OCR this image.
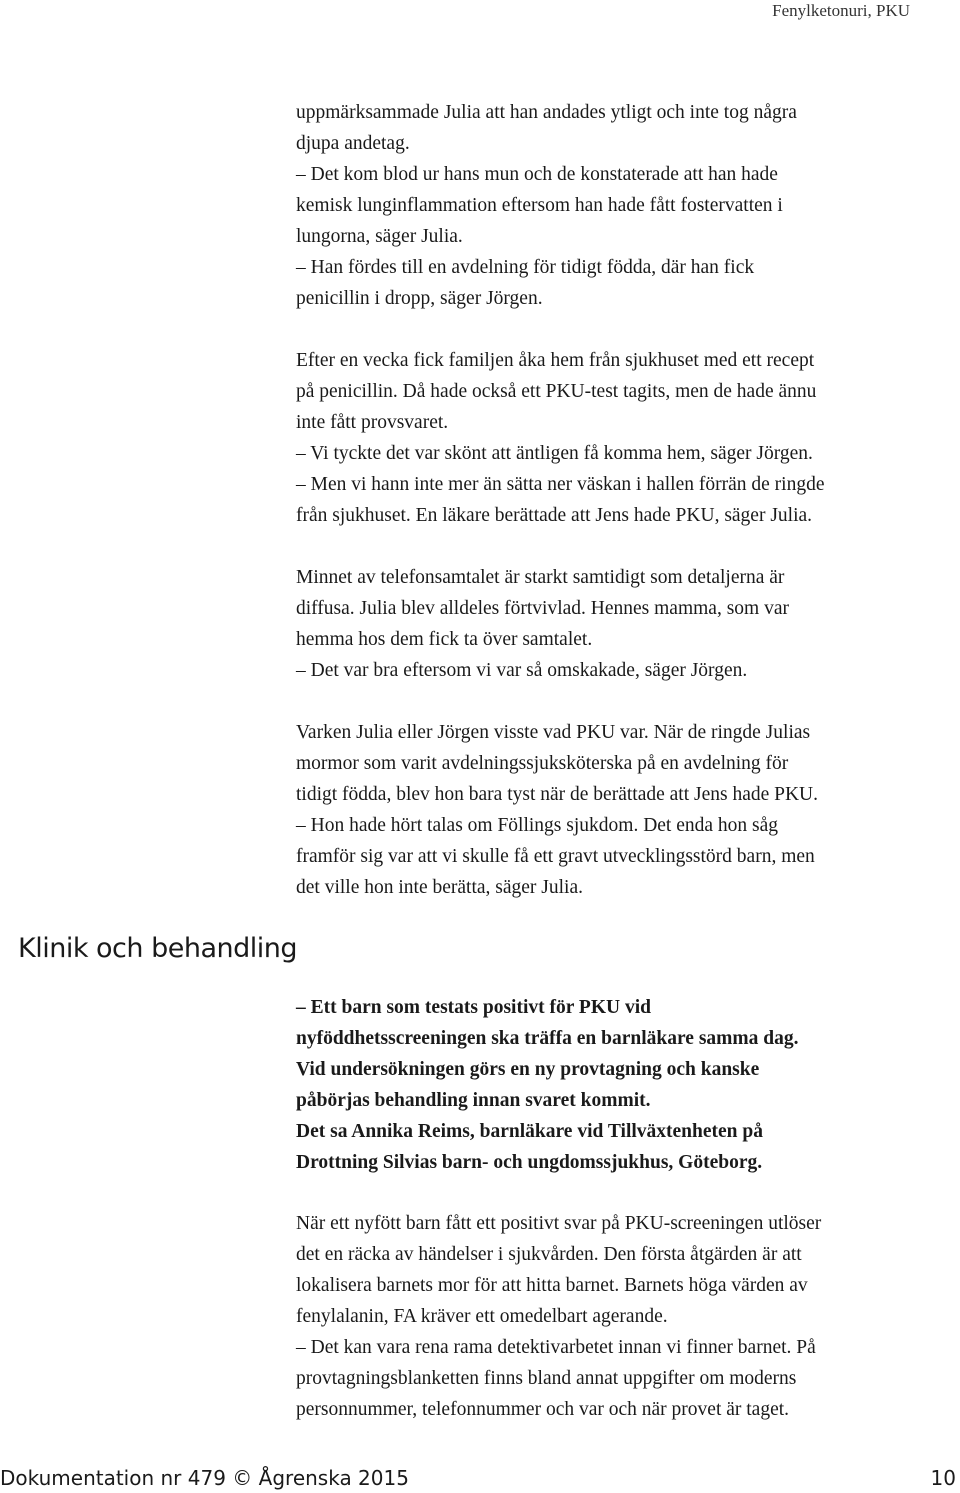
Fenylketonuri, PKU
uppmärksammade Julia att han andades ytligt och inte tog några
djupa andetag.
– Det kom blod ur hans mun och de konstaterade att han hade
kemisk lunginflammation eftersom han hade fått fostervatten i
lungorna, säger Julia.
– Han fördes till en avdelning för tidigt födda, där han fick
penicillin i dropp, säger Jörgen.
Efter en vecka fick familjen åka hem från sjukhuset med ett recept
på penicillin. Då hade också ett PKU-test tagits, men de hade ännu
inte fått provsvaret.
– Vi tyckte det var skönt att äntligen få komma hem, säger Jörgen.
– Men vi hann inte mer än sätta ner väskan i hallen förrän de ringde
från sjukhuset. En läkare berättade att Jens hade PKU, säger Julia.
Minnet av telefonsamtalet är starkt samtidigt som detaljerna är
diffusa. Julia blev alldeles förtvivlad. Hennes mamma, som var
hemma hos dem fick ta över samtalet.
– Det var bra eftersom vi var så omskakade, säger Jörgen.
Varken Julia eller Jörgen visste vad PKU var. När de ringde Julias
mormor som varit avdelningssjuksköterska på en avdelning för
tidigt födda, blev hon bara tyst när de berättade att Jens hade PKU.
– Hon hade hört talas om Föllings sjukdom. Det enda hon såg
framför sig var att vi skulle få ett gravt utvecklingsstörd barn, men
det ville hon inte berätta, säger Julia.
Klinik och behandling
– Ett barn som testats positivt för PKU vid
nyföddhetsscreeningen ska träffa en barnläkare samma dag.
Vid undersökningen görs en ny provtagning och kanske
påbörjas behandling innan svaret kommit.
Det sa Annika Reims, barnläkare vid Tillväxtenheten på
Drottning Silvias barn- och ungdomssjukhus, Göteborg.
När ett nyfött barn fått ett positivt svar på PKU-screeningen utlöser
det en räcka av händelser i sjukvården. Den första åtgärden är att
lokalisera barnets mor för att hitta barnet. Barnets höga värden av
fenylalanin, FA kräver ett omedelbart agerande.
– Det kan vara rena rama detektivarbetet innan vi finner barnet. På
provtagningsblanketten finns bland annat uppgifter om moderns
personnummer, telefonnummer och var och när provet är taget.
Dokumentation nr 479 © Ågrenska 2015	10
